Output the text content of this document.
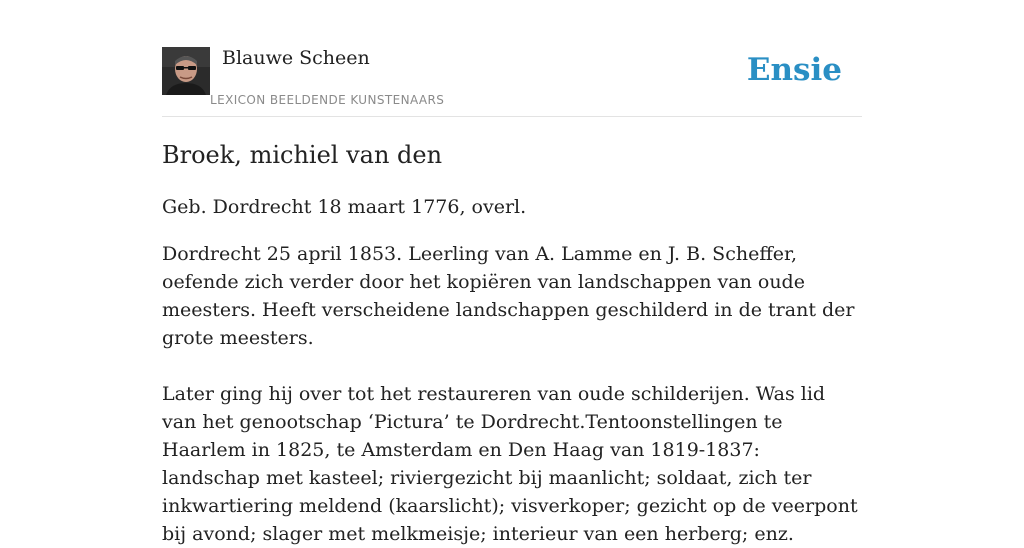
Blauwe Scheen
LEXICON BEELDENDE KUNSTENAARS
Ensie
Broek, michiel van den

Geb. Dordrecht 18 maart 1776, overl.

Dordrecht 25 april 1853. Leerling van A. Lamme en J. B. Scheffer, oefende zich verder door het kopiëren van landschappen van oude meesters. Heeft verscheidene landschappen geschilderd in de trant der grote meesters.

Later ging hij over tot het restaureren van oude schilderijen. Was lid van het genootschap ‘Pictura’ te Dordrecht.Tentoonstellingen te Haarlem in 1825, te Amsterdam en Den Haag van 1819-1837: landschap met kasteel; riviergezicht bij maanlicht; soldaat, zich ter inkwartiering meldend (kaarslicht); visverkoper; gezicht op de veerpont bij avond; slager met melkmeisje; interieur van een herberg; enz.
